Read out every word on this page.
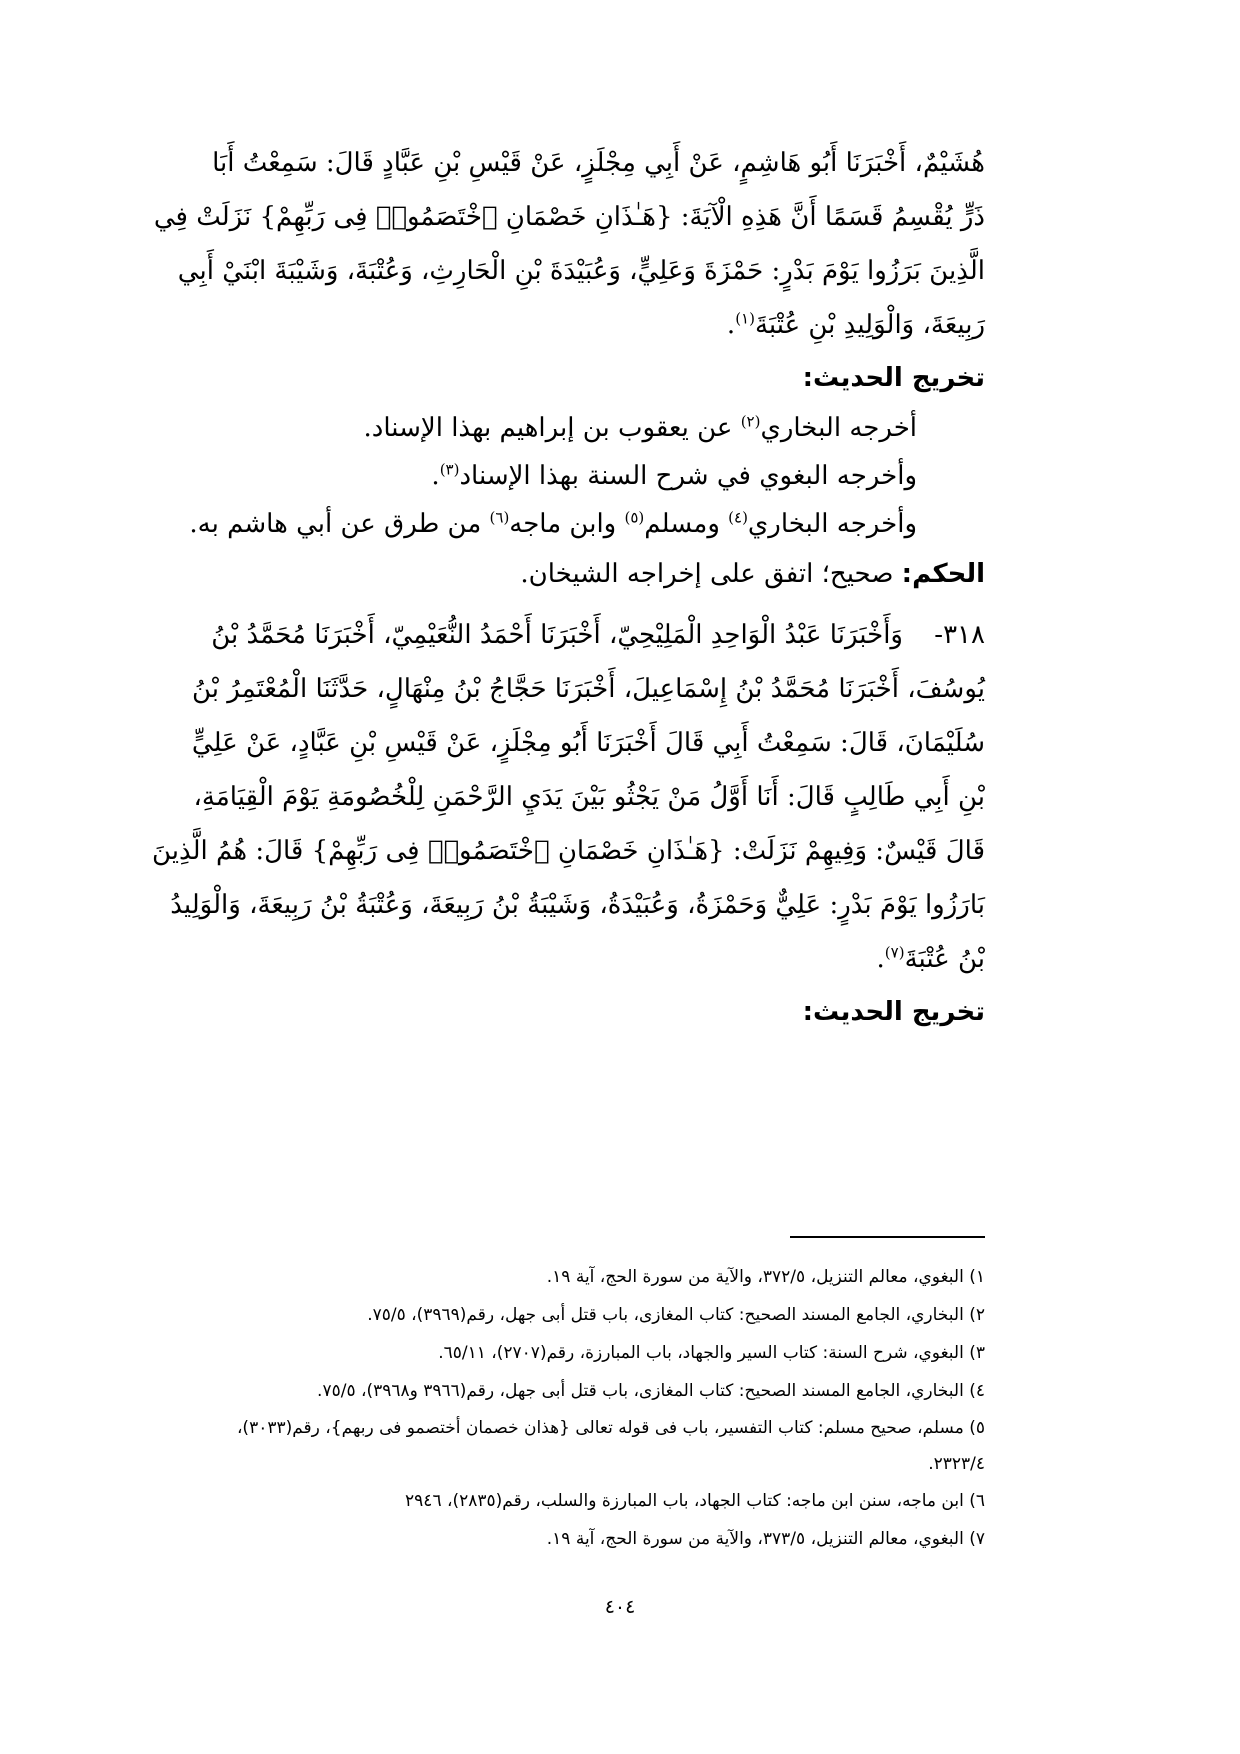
هُشَيْمٌ، أَخْبَرَنَا أَبُو هَاشِمٍ، عَنْ أَبِي مِجْلَزٍ، عَنْ قَيْسِ بْنِ عَبَّادٍ قَالَ: سَمِعْتُ أَبَا
ذَرٍّ يُقْسِمُ قَسَمًا أَنَّ هَذِهِ الْآيَةَ: {هَـٰذَانِ خَصْمَانِ ٱخْتَصَمُوا۟ فِى رَبِّهِمْ} نَزَلَتْ فِي
الَّذِينَ بَرَزُوا يَوْمَ بَدْرٍ: حَمْزَةَ وَعَلِيٍّ، وَعُبَيْدَةَ بْنِ الْحَارِثِ، وَعُتْبَةَ، وَشَيْبَةَ ابْنَيْ أَبِي
رَبِيعَةَ، وَالْوَلِيدِ بْنِ عُتْبَةَ$^{(١)}$.
تخريج الحديث:
أخرجه البخاري$^{(٢)}$ عن يعقوب بن إبراهيم بهذا الإسناد.
وأخرجه البغوي في شرح السنة بهذا الإسناد$^{(٣)}$.
وأخرجه البخاري$^{(٤)}$ ومسلم$^{(٥)}$ وابن ماجه$^{(٦)}$ من طرق عن أبي هاشم به.
الحكم: صحيح؛ اتفق على إخراجه الشيخان.
٣١٨-وَأَخْبَرَنَا عَبْدُ الْوَاحِدِ الْمَلِيْحِيّ، أَخْبَرَنَا أَحْمَدُ النُّعَيْمِيّ، أَخْبَرَنَا مُحَمَّدُ بْنُ
يُوسُفَ، أَخْبَرَنَا مُحَمَّدُ بْنُ إِسْمَاعِيلَ، أَخْبَرَنَا حَجَّاجُ بْنُ مِنْهَالٍ، حَدَّثَنَا الْمُعْتَمِرُ بْنُ
سُلَيْمَانَ، قَالَ: سَمِعْتُ أَبِي قَالَ أَخْبَرَنَا أَبُو مِجْلَزٍ، عَنْ قَيْسِ بْنِ عَبَّادٍ، عَنْ عَلِيٍّ
بْنِ أَبِي طَالِبٍ قَالَ: أَنَا أَوَّلُ مَنْ يَجْثُو بَيْنَ يَدَيِ الرَّحْمَنِ لِلْخُصُومَةِ يَوْمَ الْقِيَامَةِ،
قَالَ قَيْسٌ: وَفِيهِمْ نَزَلَتْ: {هَـٰذَانِ خَصْمَانِ ٱخْتَصَمُوا۟ فِى رَبِّهِمْ} قَالَ: هُمُ الَّذِينَ
بَارَزُوا يَوْمَ بَدْرٍ: عَلِيٌّ وَحَمْزَةُ، وَعُبَيْدَةُ، وَشَيْبَةُ بْنُ رَبِيعَةَ، وَعُتْبَةُ بْنُ رَبِيعَةَ، وَالْوَلِيدُ
بْنُ عُتْبَةَ$^{(٧)}$.
تخريج الحديث:
١) البغوي، معالم التنزيل، ٣٧٢/٥، والآية من سورة الحج، آية ١٩.
٢) البخاري، الجامع المسند الصحيح: كتاب المغازى، باب قتل أبى جهل، رقم(٣٩٦٩)، ٧٥/٥.
٣) البغوي، شرح السنة: كتاب السير والجهاد، باب المبارزة، رقم(٢٧٠٧)، ٦٥/١١.
٤) البخاري، الجامع المسند الصحيح: كتاب المغازى، باب قتل أبى جهل، رقم(٣٩٦٦ و٣٩٦٨)، ٧٥/٥.
٥) مسلم، صحيح مسلم: كتاب التفسير، باب فى قوله تعالى {هذان خصمان أختصمو فى ربهم}، رقم(٣٠٣٣)، ٢٣٢٣/٤.
٦) ابن ماجه، سنن ابن ماجه: كتاب الجهاد، باب المبارزة والسلب، رقم(٢٨٣٥)، ٢٩٤٦
٧) البغوي، معالم التنزيل، ٣٧٣/٥، والآية من سورة الحج، آية ١٩.
٤٠٤
